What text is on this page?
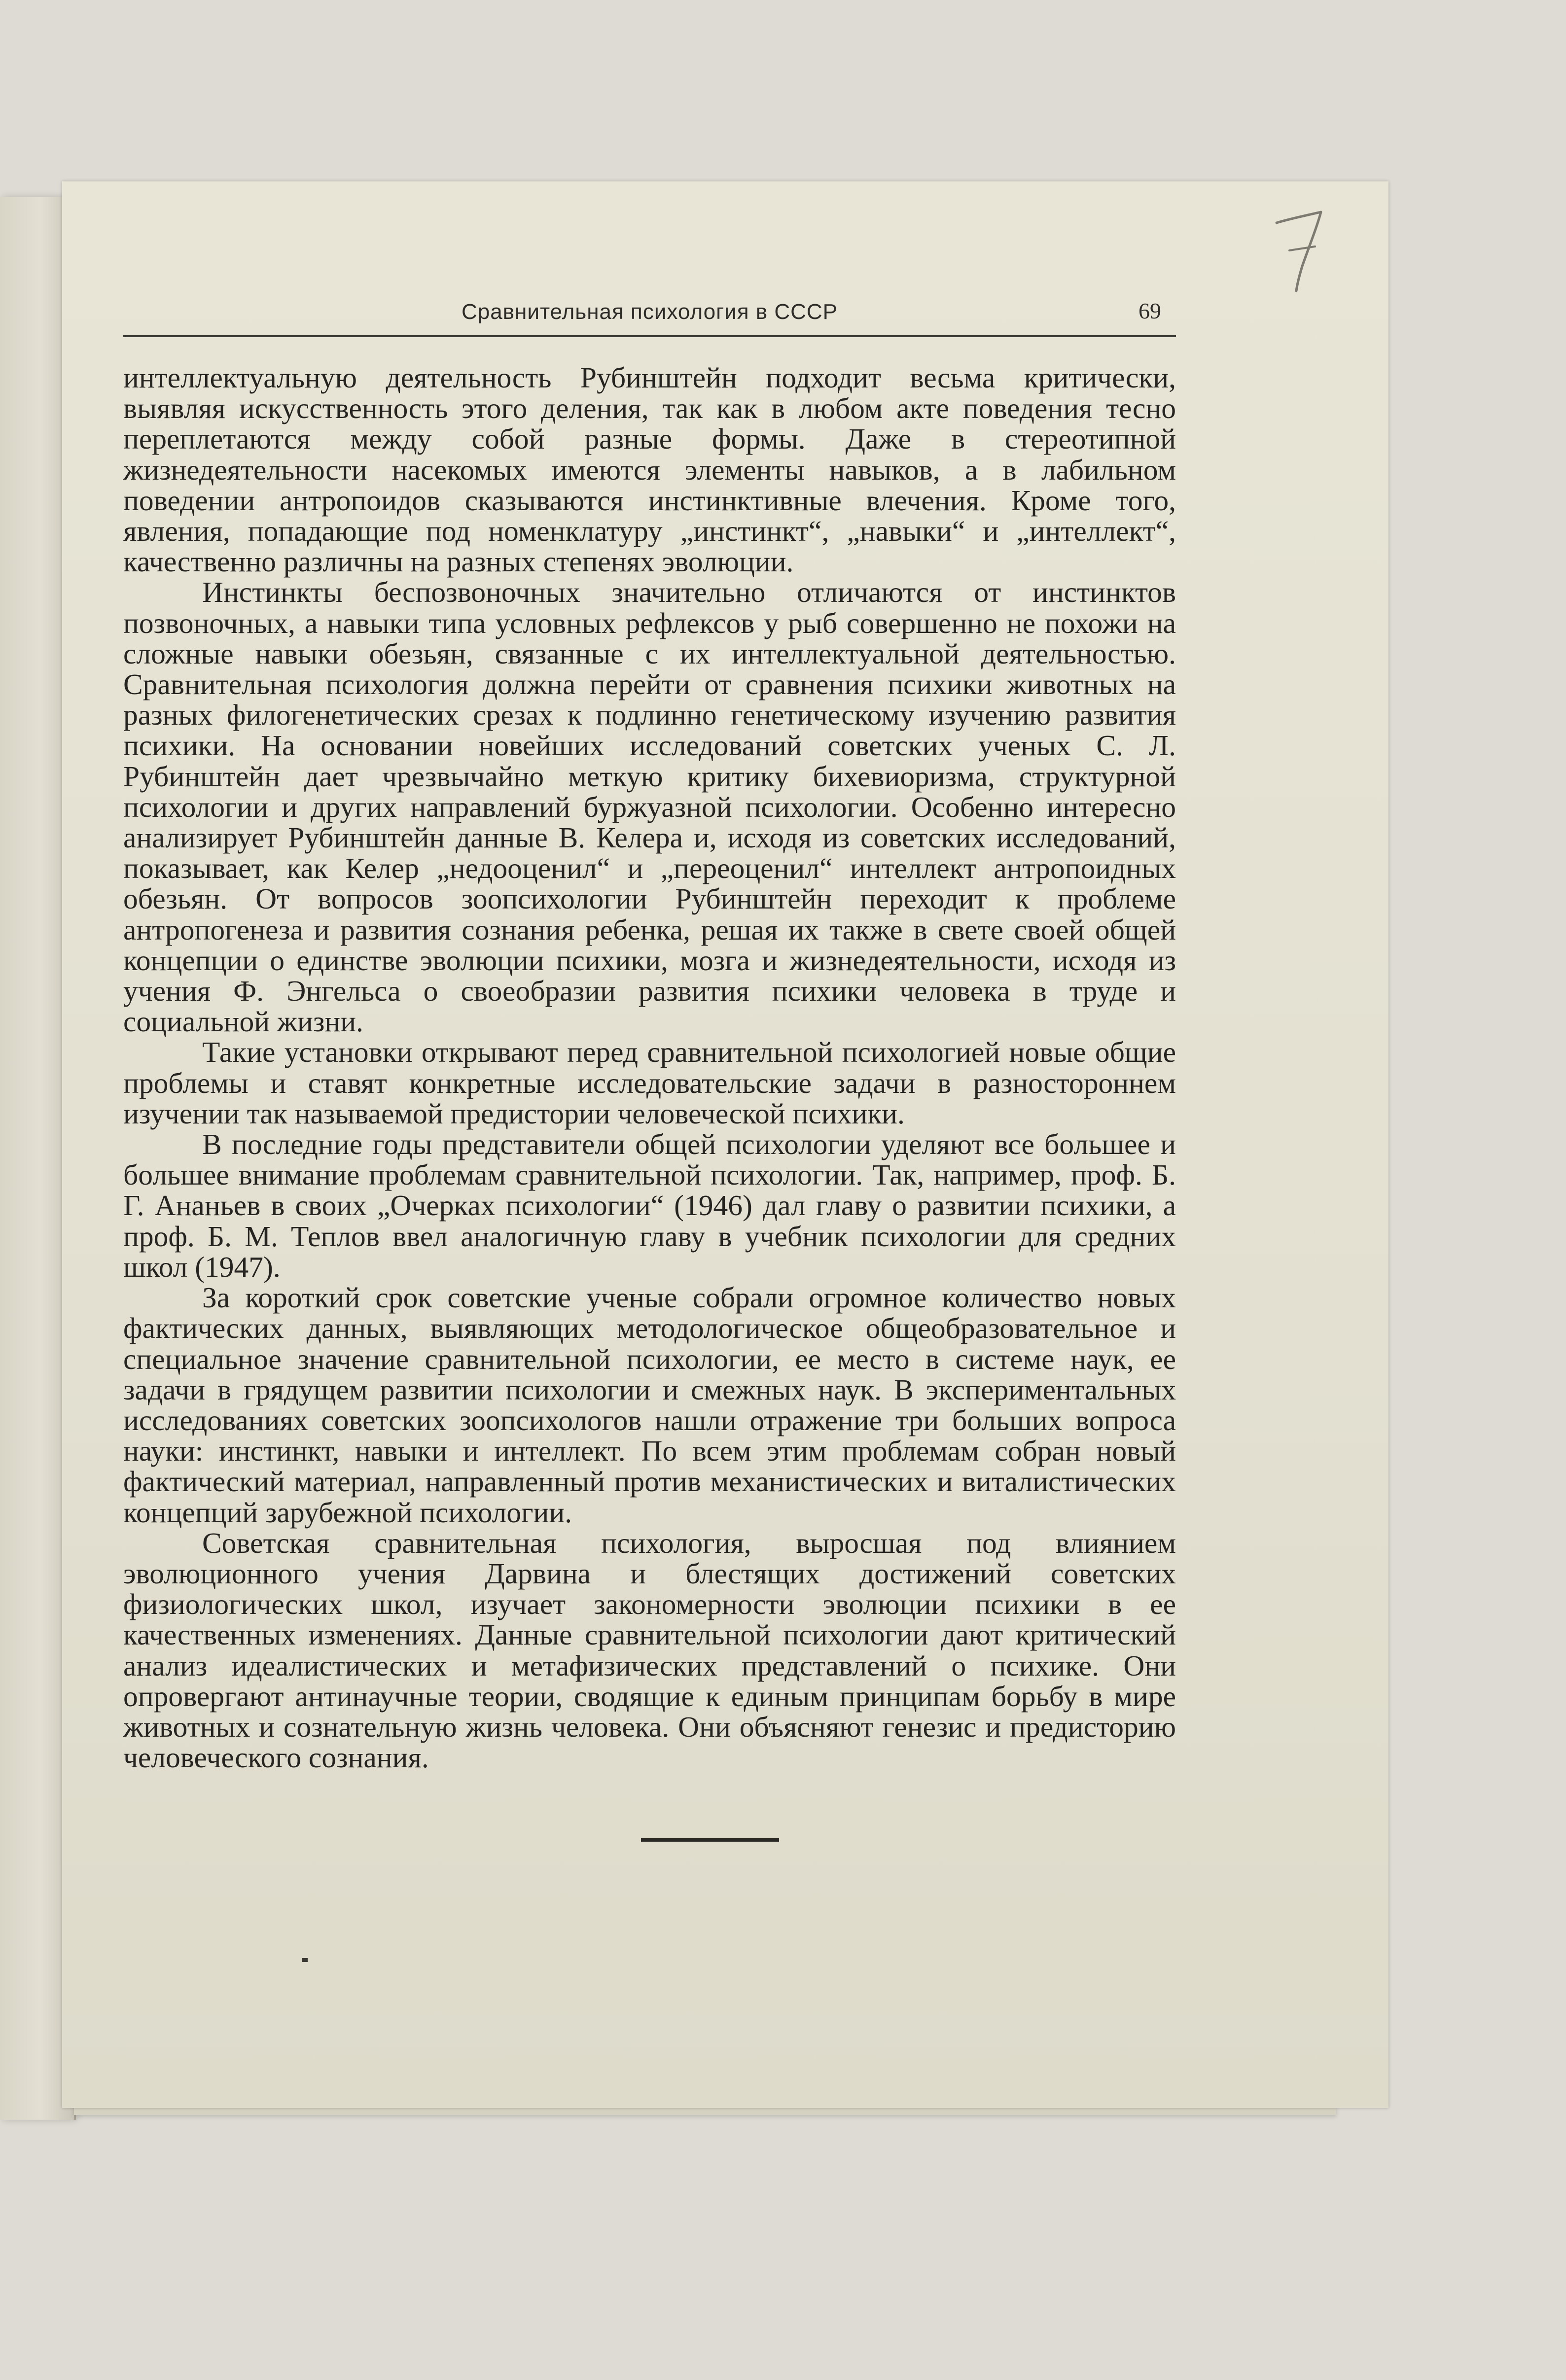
Сравнительная психология в СССР	69

интеллектуальную деятельность Рубинштейн подходит весьма критически, выявляя искусственность этого деления, так как в любом акте поведения тесно переплетаются между собой разные формы. Даже в стереотипной жизнедеятельности насекомых имеются элементы навыков, а в лабильном поведении антропоидов сказываются инстинктивные влечения. Кроме того, явления, попадающие под номенклатуру „инстинкт“, „навыки“ и „интеллект“, качественно различны на разных степенях эволюции.

Инстинкты беспозвоночных значительно отличаются от инстинктов позвоночных, а навыки типа условных рефлексов у рыб совершенно не похожи на сложные навыки обезьян, связанные с их интеллектуальной деятельностью. Сравнительная психология должна перейти от сравнения психики животных на разных филогенетических срезах к подлинно генетическому изучению развития психики. На основании новейших исследований советских ученых С. Л. Рубинштейн дает чрезвычайно меткую критику бихевиоризма, структурной психологии и других направлений буржуазной психологии. Особенно интересно анализирует Рубинштейн данные В. Келера и, исходя из советских исследований, показывает, как Келер „недооценил“ и „переоценил“ интеллект антропоидных обезьян. От вопросов зоопсихологии Рубинштейн переходит к проблеме антропогенеза и развития сознания ребенка, решая их также в свете своей общей концепции о единстве эволюции психики, мозга и жизнедеятельности, исходя из учения Ф. Энгельса о своеобразии развития психики человека в труде и социальной жизни.

Такие установки открывают перед сравнительной психологией новые общие проблемы и ставят конкретные исследовательские задачи в разностороннем изучении так называемой предистории человеческой психики.

В последние годы представители общей психологии уделяют все большее и большее внимание проблемам сравнительной психологии. Так, например, проф. Б. Г. Ананьев в своих „Очерках психологии“ (1946) дал главу о развитии психики, а проф. Б. М. Теплов ввел аналогичную главу в учебник психологии для средних школ (1947).

За короткий срок советские ученые собрали огромное количество новых фактических данных, выявляющих методологическое общеобразовательное и специальное значение сравнительной психологии, ее место в системе наук, ее задачи в грядущем развитии психологии и смежных наук. В экспериментальных исследованиях советских зоопсихологов нашли отражение три больших вопроса науки: инстинкт, навыки и интеллект. По всем этим проблемам собран новый фактический материал, направленный против механистических и виталистических концепций зарубежной психологии.

Советская сравнительная психология, выросшая под влиянием эволюционного учения Дарвина и блестящих достижений советских физиологических школ, изучает закономерности эволюции психики в ее качественных изменениях. Данные сравнительной психологии дают критический анализ идеалистических и метафизических представлений о психике. Они опровергают антинаучные теории, сводящие к единым принципам борьбу в мире животных и сознательную жизнь человека. Они объясняют генезис и предисторию человеческого сознания.
